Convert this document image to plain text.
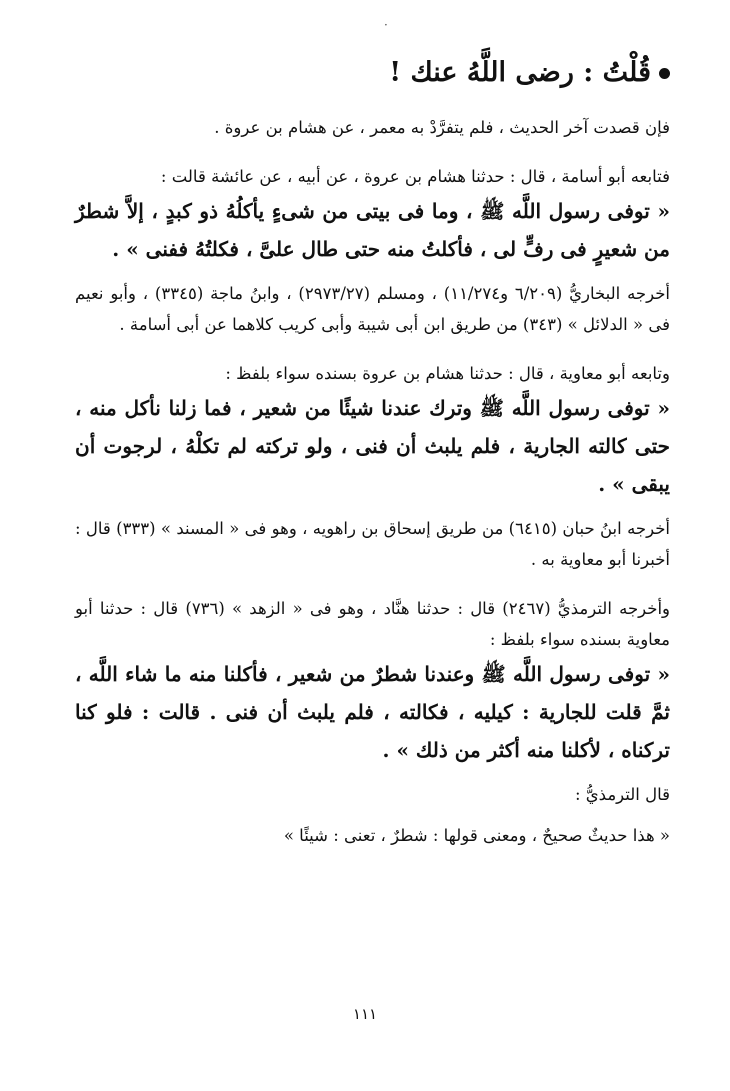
·
قُلْتُ : رضى اللَّهُ عنك !

فإن قصدت آخر الحديث ، فلم يتفرَّدْ به معمر ، عن هشام بن عروة .

فتابعه أبو أسامة ، قال : حدثنا هشام بن عروة ، عن أبيه ، عن عائشة قالت :

« توفى رسول اللَّه ﷺ ، وما فى بيتى من شىءٍ يأكلُهُ ذو كبدٍ ، إلاَّ شطرٌ من شعيرٍ فى رفٍّ لى ، فأكلتُ منه حتى طال علىَّ ، فكلتُهُ ففنى » .

أخرجه البخاريُّ (٦/٢٠٩ و١١/٢٧٤) ، ومسلم (٢٩٧٣/٢٧) ، وابنُ ماجة (٣٣٤٥) ، وأبو نعيم فى « الدلائل » (٣٤٣) من طريق ابن أبى شيبة وأبى كريب كلاهما عن أبى أسامة .

وتابعه أبو معاوية ، قال : حدثنا هشام بن عروة بسنده سواء بلفظ :

« توفى رسول اللَّه ﷺ وترك عندنا شيئًا من شعير ، فما زلنا نأكل منه ، حتى كالته الجارية ، فلم يلبث أن فنى ، ولو تركته لم تكلْهُ ، لرجوت أن يبقى » .

أخرجه ابنُ حبان (٦٤١٥) من طريق إسحاق بن راهويه ، وهو فى « المسند » (٣٣٣) قال : أخبرنا أبو معاوية به .

وأخرجه الترمذيُّ (٢٤٦٧) قال : حدثنا هنَّاد ، وهو فى « الزهد » (٧٣٦) قال : حدثنا أبو معاوية بسنده سواء بلفظ :

« توفى رسول اللَّه ﷺ وعندنا شطرٌ من شعير ، فأكلنا منه ما شاء اللَّه ، ثمَّ قلت للجارية : كيليه ، فكالته ، فلم يلبث أن فنى . قالت : فلو كنا تركناه ، لأكلنا منه أكثر من ذلك » .

قال الترمذيُّ :

« هذا حديثٌ صحيحٌ ، ومعنى قولها : شطرٌ ، تعنى : شيئًا »

١١١
